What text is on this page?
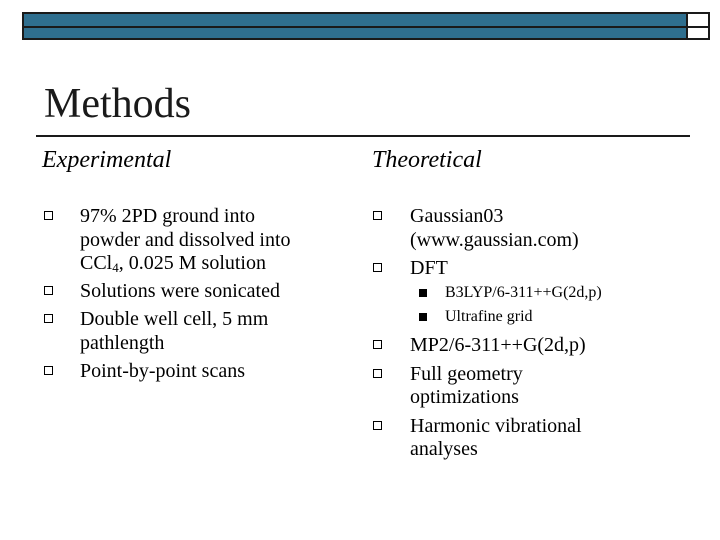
Methods
Experimental
97% 2PD ground into
powder and dissolved into
CCl$_4$, 0.025 M solution
Solutions were sonicated
Double well cell, 5 mm
pathlength
Point-by-point scans
Theoretical
Gaussian03
(www.gaussian.com)
DFT
B3LYP/6-311++G(2d,p)
Ultrafine grid
MP2/6-311++G(2d,p)
Full geometry
optimizations
Harmonic vibrational
analyses
